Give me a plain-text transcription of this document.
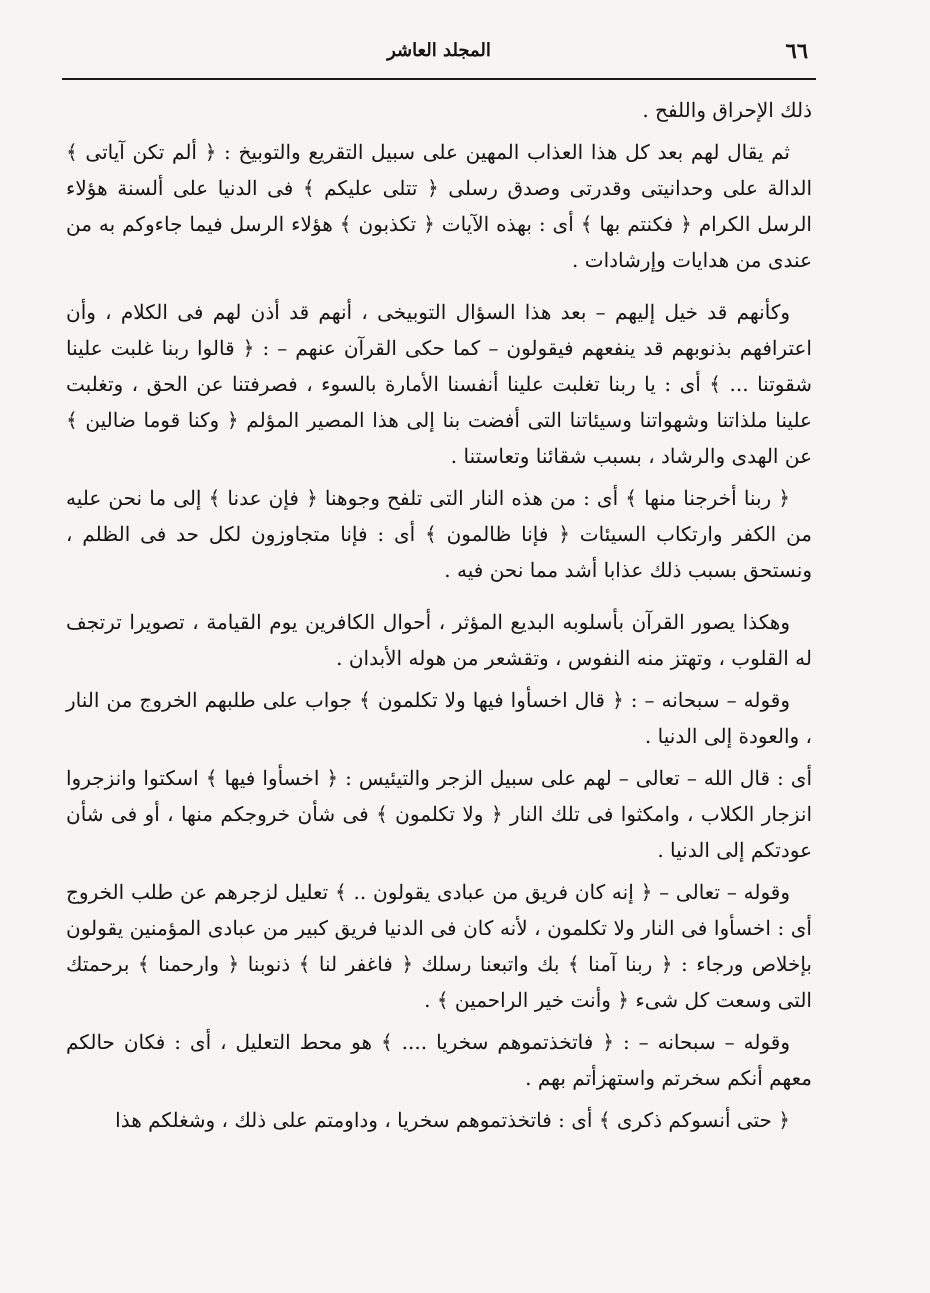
٦٦
المجلد العاشر

ذلك الإحراق واللفح .

ثم يقال لهم بعد كل هذا العذاب المهين على سبيل التقريع والتوبيخ : ﴿ ألم تكن آياتى ﴾ الدالة على وحدانيتى وقدرتى وصدق رسلى ﴿ تتلى عليكم ﴾ فى الدنيا على ألسنة هؤلاء الرسل الكرام ﴿ فكنتم بها ﴾ أى : بهذه الآيات ﴿ تكذبون ﴾ هؤلاء الرسل فيما جاءوكم به من عندى من هدايات وإرشادات .

وكأنهم قد خيل إليهم – بعد هذا السؤال التوبيخى ، أنهم قد أذن لهم فى الكلام ، وأن اعترافهم بذنوبهم قد ينفعهم فيقولون – كما حكى القرآن عنهم – : ﴿ قالوا ربنا غلبت علينا شقوتنا ... ﴾ أى : يا ربنا تغلبت علينا أنفسنا الأمارة بالسوء ، فصرفتنا عن الحق ، وتغلبت علينا ملذاتنا وشهواتنا وسيئاتنا التى أفضت بنا إلى هذا المصير المؤلم ﴿ وكنا قوما ضالين ﴾ عن الهدى والرشاد ، بسبب شقائنا وتعاستنا .

﴿ ربنا أخرجنا منها ﴾ أى : من هذه النار التى تلفح وجوهنا ﴿ فإن عدنا ﴾ إلى ما نحن عليه من الكفر وارتكاب السيئات ﴿ فإنا ظالمون ﴾ أى : فإنا متجاوزون لكل حد فى الظلم ، ونستحق بسبب ذلك عذابا أشد مما نحن فيه .

وهكذا يصور القرآن بأسلوبه البديع المؤثر ، أحوال الكافرين يوم القيامة ، تصويرا ترتجف له القلوب ، وتهتز منه النفوس ، وتقشعر من هوله الأبدان .

وقوله – سبحانه – : ﴿ قال اخسأوا فيها ولا تكلمون ﴾ جواب على طلبهم الخروج من النار ، والعودة إلى الدنيا .

أى : قال الله – تعالى – لهم على سبيل الزجر والتيئيس : ﴿ اخسأوا فيها ﴾ اسكتوا وانزجروا انزجار الكلاب ، وامكثوا فى تلك النار ﴿ ولا تكلمون ﴾ فى شأن خروجكم منها ، أو فى شأن عودتكم إلى الدنيا .

وقوله – تعالى – ﴿ إنه كان فريق من عبادى يقولون .. ﴾ تعليل لزجرهم عن طلب الخروج أى : اخسأوا فى النار ولا تكلمون ، لأنه كان فى الدنيا فريق كبير من عبادى المؤمنين يقولون بإخلاص ورجاء : ﴿ ربنا آمنا ﴾ بك واتبعنا رسلك ﴿ فاغفر لنا ﴾ ذنوبنا ﴿ وارحمنا ﴾ برحمتك التى وسعت كل شىء ﴿ وأنت خير الراحمين ﴾ .

وقوله – سبحانه – : ﴿ فاتخذتموهم سخريا .... ﴾ هو محط التعليل ، أى : فكان حالكم معهم أنكم سخرتم واستهزأتم بهم .

﴿ حتى أنسوكم ذكرى ﴾ أى : فاتخذتموهم سخريا ، وداومتم على ذلك ، وشغلكم هذا
